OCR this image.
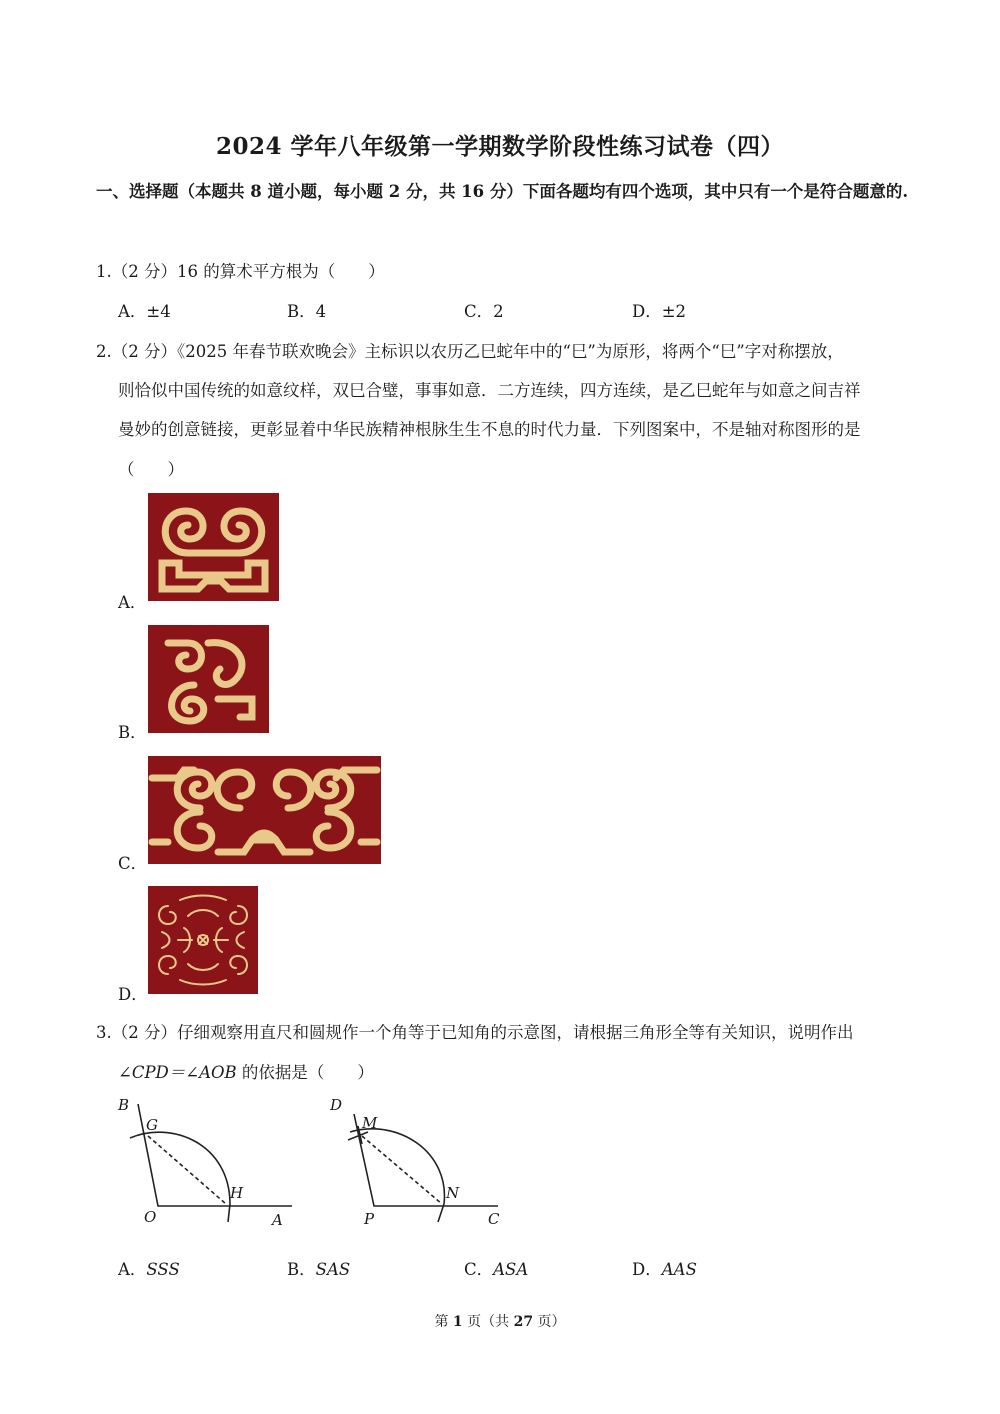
2024 学年八年级第一学期数学阶段性练习试卷（四）
一、选择题（本题共 8 道小题，每小题 2 分，共 16 分）下面各题均有四个选项，其中只有一个是符合题意的.
1.（2 分）16 的算术平方根为（　　）
A．±4	B．4	C．2	D．±2
2.（2 分）《2025 年春节联欢晚会》主标识以农历乙巳蛇年中的“巳”为原形，将两个“巳”字对称摆放，
则恰似中国传统的如意纹样，双巳合璧，事事如意．二方连续，四方连续，是乙巳蛇年与如意之间吉祥
曼妙的创意链接，更彰显着中华民族精神根脉生生不息的时代力量．下列图案中，不是轴对称图形的是
（　　）
A．
B．
C．
D．
3.（2 分）仔细观察用直尺和圆规作一个角等于已知角的示意图，请根据三角形全等有关知识，说明作出
∠CPD＝∠AOB 的依据是（　　）
B
G
H
O	A
D
M
N
P	C
A．SSS	B．SAS	C．ASA	D．AAS
第 1 页（共 27 页）
